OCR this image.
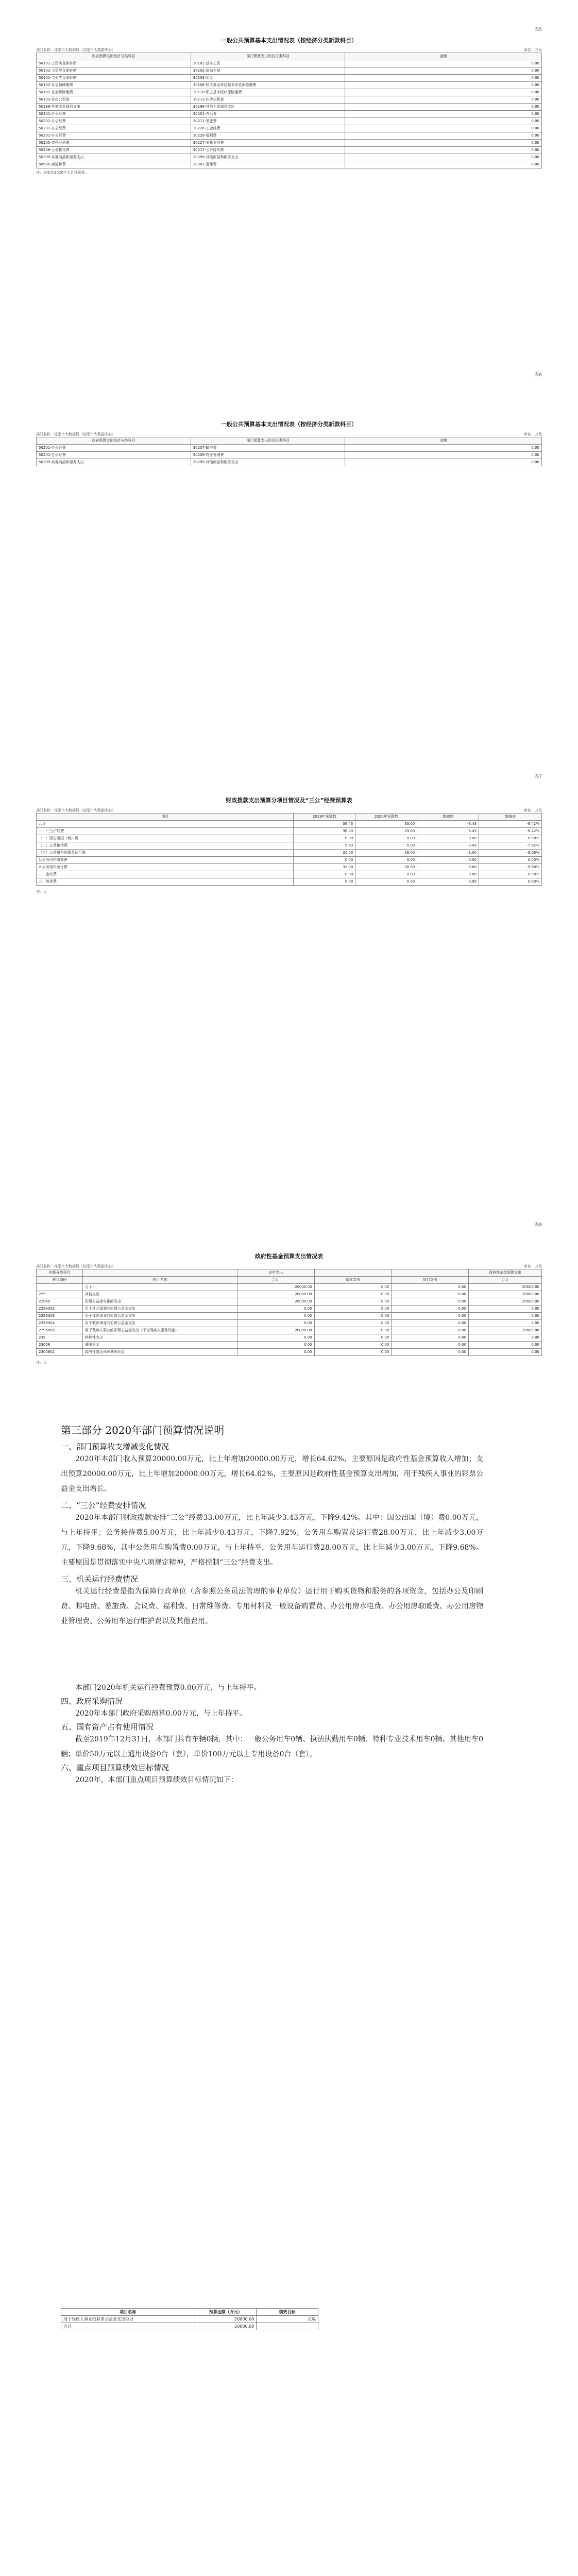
表5
一般公共预算基本支出情况表（按经济分类新款科目）
部门名称：沈阳市大数据局（沈阳市大数据中心）	单位：万元
政府预算支出经济分类科目	部门预算支出经济分类科目	金额
50101-工资奖金津补贴	30101-基本工资	0.00
50101-工资奖金津补贴	30102-津贴补贴	0.00
50101-工资奖金津补贴	30103-奖金	0.00
50102-社会保障缴费	30108-机关事业单位基本养老保险缴费	0.00
50102-社会保障缴费	30110-职工基本医疗保险缴费	0.00
50103-住房公积金	30113-住房公积金	0.00
50199-其他工资福利支出	30199-其他工资福利支出	0.00
50201-办公经费	30201-办公费	0.00
50201-办公经费	30211-差旅费	0.00
50201-办公经费	30228-工会经费	0.00
50201-办公经费	30229-福利费	0.00
50205-委托业务费	30227-委托业务费	0.00
50206-公务接待费	30217-公务接待费	0.00
50299-其他商品和服务支出	30299-其他商品和服务支出	0.00
50905-离退休费	30302-退休费	0.00
注：本单位2020年无此项预算。
表6
一般公共预算基本支出情况表（按经济分类新款科目）
部门名称：沈阳市大数据局（沈阳市大数据中心）	单位：万元
政府预算支出经济分类科目	部门预算支出经济分类科目	金额
50201-办公经费	30207-邮电费	0.00
50201-办公经费	30209-物业管理费	0.00
50299-其他商品和服务支出	30299-其他商品和服务支出	0.00
表7
财政拨款支出预算分项目情况及“三公”经费预算表
部门名称：沈阳市大数据局（沈阳市大数据中心）	单位：万元
项目	2019年预算数	2020年预算数	增减额	增减率
合计	36.43	33.00	-3.43	-9.42%
一、“三公”经费	36.43	33.00	-3.43	-9.42%
（一）因公出国（境）费	0.00	0.00	0.00	0.00%
（二）公务接待费	5.43	5.00	-0.43	-7.92%
（三）公务用车购置及运行费	31.00	28.00	-3.00	-9.68%
1.公务用车购置费	0.00	0.00	0.00	0.00%
2.公务用车运行费	31.00	28.00	-3.00	-9.68%
二、会议费	0.00	0.00	0.00	0.00%
三、培训费	0.00	0.00	0.00	0.00%
注：无
表8
政府性基金预算支出情况表
部门名称：沈阳市大数据局（沈阳市大数据中心）	单位：万元
功能分类科目		本年支出			政府性基金预算支出
科目编码	科目名称	合计	基本支出	项目支出	合计
	合 计	20000.00	0.00	0.00	20000.00
229	其他支出	20000.00	0.00	0.00	20000.00
22960	彩票公益金安排的支出	20000.00	0.00	0.00	20000.00
2296002	用于社会福利的彩票公益金支出	0.00	0.00	0.00	0.00
2296003	用于体育事业的彩票公益金支出	0.00	0.00	0.00	0.00
2296004	用于教育事业的彩票公益金支出	0.00	0.00	0.00	0.00
2296006	用于残疾人事业的彩票公益金支出（不含残疾人服务设施）	20000.00	0.00	0.00	20000.00
230	转移性支出	0.00	0.00	0.00	0.00
23008	调出资金	0.00	0.00	0.00	0.00
2300802	政府性基金预算调出资金	0.00	0.00	0.00	0.00
注：无

第三部分 2020年部门预算情况说明

一、部门预算收支增减变化情况

2020年本部门收入预算20000.00万元，比上年增加20000.00万元，增长64.62%，主要原因是政府性基金预算收入增加；支出预算20000.00万元，比上年增加20000.00万元，增长64.62%，主要原因是政府性基金预算支出增加，用于残疾人事业的彩票公益金支出增长。

二、“三公”经费安排情况

2020年本部门财政拨款安排“三公”经费33.00万元，比上年减少3.43万元，下降9.42%。其中：因公出国（境）费0.00万元，与上年持平；公务接待费5.00万元，比上年减少0.43万元，下降7.92%；公务用车购置及运行费28.00万元，比上年减少3.00万元，下降9.68%，其中公务用车购置费0.00万元，与上年持平，公务用车运行费28.00万元，比上年减少3.00万元，下降9.68%。主要原因是贯彻落实中央八项规定精神，严格控制“三公”经费支出。

三、机关运行经费情况

机关运行经费是指为保障行政单位（含参照公务员法管理的事业单位）运行用于购买货物和服务的各项资金，包括办公及印刷费、邮电费、差旅费、会议费、福利费、日常维修费、专用材料及一般设备购置费、办公用房水电费、办公用房取暖费、办公用房物业管理费、公务用车运行维护费以及其他费用。

本部门2020年机关运行经费预算0.00万元，与上年持平。

四、政府采购情况

2020年本部门政府采购预算0.00万元，与上年持平。

五、国有资产占有使用情况

截至2019年12月31日，本部门共有车辆0辆，其中：一般公务用车0辆、执法执勤用车0辆、特种专业技术用车0辆、其他用车0辆；单价50万元以上通用设备0台（套），单价100万元以上专用设备0台（套）。

六、重点项目预算绩效目标情况

2020年，本部门重点项目预算绩效目标情况如下：

项目名称	预算金额（万元）	绩效目标
用于残疾人事业的彩票公益金支出项目	20000.00	完成
合计	20000.00	
